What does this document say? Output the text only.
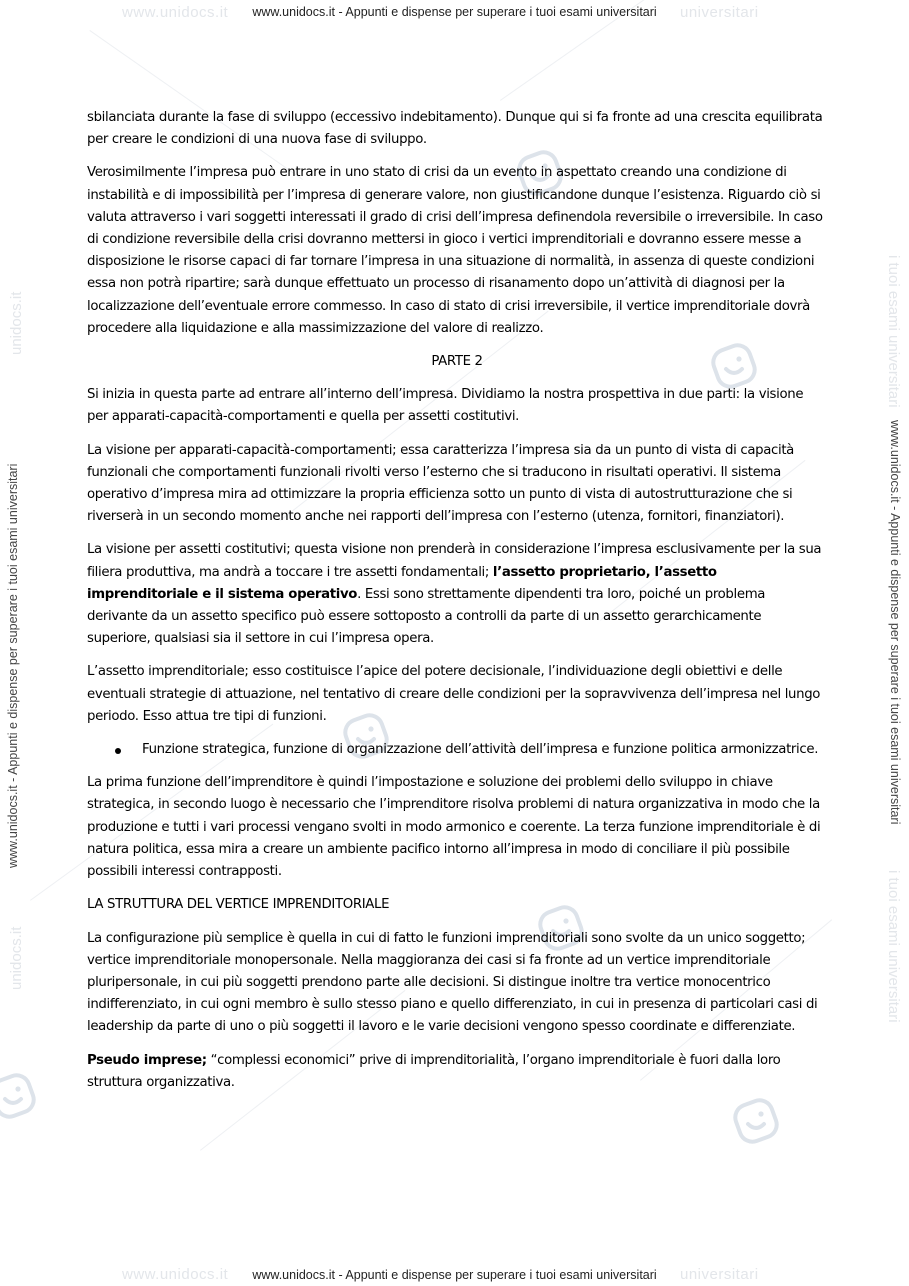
www.unidocs.it	universitari
www.unidocs.it	universitari
www.unidocs.it - Appunti e dispense per superare i tuoi esami universitari
www.unidocs.it - Appunti e dispense per superare i tuoi esami universitari
www.unidocs.it - Appunti e dispense per superare i tuoi esami universitari	www.unidocs.it - Appunti e dispense per superare i tuoi esami universitari
unidocs.it
unidocs.it
i tuoi esami universitari
i tuoi esami universitari

sbilanciata durante la fase di sviluppo (eccessivo indebitamento). Dunque qui si fa fronte ad una crescita equilibrata per creare le condizioni di una nuova fase di sviluppo.

Verosimilmente l’impresa può entrare in uno stato di crisi da un evento in aspettato creando una condizione di instabilità e di impossibilità per l’impresa di generare valore, non giustificandone dunque l’esistenza. Riguardo ciò si valuta attraverso i vari soggetti interessati il grado di crisi dell’impresa definendola reversibile o irreversibile. In caso di condizione reversibile della crisi dovranno mettersi in gioco i vertici imprenditoriali e dovranno essere messe a disposizione le risorse capaci di far tornare l’impresa in una situazione di normalità, in assenza di queste condizioni essa non potrà ripartire; sarà dunque effettuato un processo di risanamento dopo un’attività di diagnosi per la localizzazione dell’eventuale errore commesso. In caso di stato di crisi irreversibile, il vertice imprenditoriale dovrà procedere alla liquidazione e alla massimizzazione del valore di realizzo.

PARTE 2

Si inizia in questa parte ad entrare all’interno dell’impresa. Dividiamo la nostra prospettiva in due parti: la visione per apparati-capacità-comportamenti e quella per assetti costitutivi.

La visione per apparati-capacità-comportamenti; essa caratterizza l’impresa sia da un punto di vista di capacità funzionali che comportamenti funzionali rivolti verso l’esterno che si traducono in risultati operativi. Il sistema operativo d’impresa mira ad ottimizzare la propria efficienza sotto un punto di vista di autostrutturazione che si riverserà in un secondo momento anche nei rapporti dell’impresa con l’esterno (utenza, fornitori, finanziatori).

La visione per assetti costitutivi; questa visione non prenderà in considerazione l’impresa esclusivamente per la sua filiera produttiva, ma andrà a toccare i tre assetti fondamentali; l’assetto proprietario, l’assetto imprenditoriale e il sistema operativo. Essi sono strettamente dipendenti tra loro, poiché un problema derivante da un assetto specifico può essere sottoposto a controlli da parte di un assetto gerarchicamente superiore, qualsiasi sia il settore in cui l’impresa opera.

L’assetto imprenditoriale; esso costituisce l’apice del potere decisionale, l’individuazione degli obiettivi e delle eventuali strategie di attuazione, nel tentativo di creare delle condizioni per la sopravvivenza dell’impresa nel lungo periodo. Esso attua tre tipi di funzioni.

Funzione strategica, funzione di organizzazione dell’attività dell’impresa e funzione politica armonizzatrice.

La prima funzione dell’imprenditore è quindi l’impostazione e soluzione dei problemi dello sviluppo in chiave strategica, in secondo luogo è necessario che l’imprenditore risolva problemi di natura organizzativa in modo che la produzione e tutti i vari processi vengano svolti in modo armonico e coerente. La terza funzione imprenditoriale è di natura politica, essa mira a creare un ambiente pacifico intorno all’impresa in modo di conciliare il più possibile possibili interessi contrapposti.

LA STRUTTURA DEL VERTICE IMPRENDITORIALE

La configurazione più semplice è quella in cui di fatto le funzioni imprenditoriali sono svolte da un unico soggetto; vertice imprenditoriale monopersonale. Nella maggioranza dei casi si fa fronte ad un vertice imprenditoriale pluripersonale, in cui più soggetti prendono parte alle decisioni. Si distingue inoltre tra vertice monocentrico indifferenziato, in cui ogni membro è sullo stesso piano e quello differenziato, in cui in presenza di particolari casi di leadership da parte di uno o più soggetti il lavoro e le varie decisioni vengono spesso coordinate e differenziate.

Pseudo imprese; “complessi economici” prive di imprenditorialità, l’organo imprenditoriale è fuori dalla loro struttura organizzativa.
